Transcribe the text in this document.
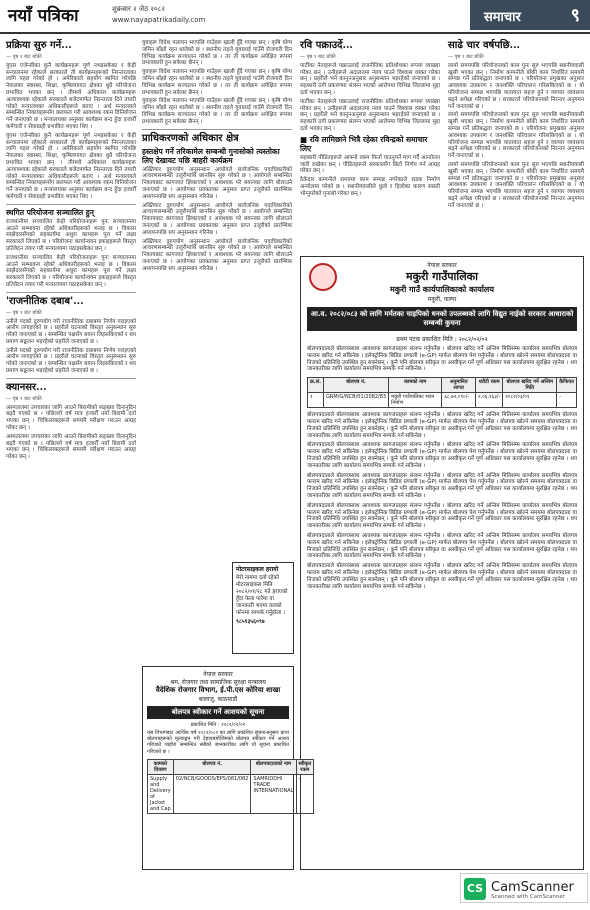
नयाँ पत्रिका	शुक्रबार २ जेठ २०८२
www.nayapatrikadaily.com	समाचार	९
प्रक्रिया सुरु गर्ने...
— पृष्ठ १ बाट बाँकी

युएस एजेन्सीका कुनै कार्यक्रमहरू पूर्ण नभइसकेका र केही सन्चालनमा रहेकाले सरकारले ती कार्यक्रमहरूको निरन्तरताका लागि पहल गरेको हो । अमेरिकाले सहयोग स्थगित गरेपछि नेपालका स्वास्थ्य, शिक्षा, कृषिलगायत क्षेत्रका थुप्रै परियोजना प्रभावित भएका छन् । तीमध्ये अधिकांश कार्यक्रमहरू अत्यावश्यक रहेकाले सरकारले बजेटमार्फत निरन्तरता दिने तयारी गरेको मन्त्रालयका अधिकारीहरूले बताए । अर्थ मन्त्रालयले सम्बन्धित निकायहरूसँग छलफल गरी आवश्यक रकम विनियोजन गर्ने जनाएको छ । मन्त्रालयका अनुसार कार्यक्रम बन्द हुँदा हजारौँ कर्मचारी र सेवाग्राही प्रभावित भएका थिए ।

युएस एजेन्सीका कुनै कार्यक्रमहरू पूर्ण नभइसकेका र केही सन्चालनमा रहेकाले सरकारले ती कार्यक्रमहरूको निरन्तरताका लागि पहल गरेको हो । अमेरिकाले सहयोग स्थगित गरेपछि नेपालका स्वास्थ्य, शिक्षा, कृषिलगायत क्षेत्रका थुप्रै परियोजना प्रभावित भएका छन् । तीमध्ये अधिकांश कार्यक्रमहरू अत्यावश्यक रहेकाले सरकारले बजेटमार्फत निरन्तरता दिने तयारी गरेको मन्त्रालयका अधिकारीहरूले बताए । अर्थ मन्त्रालयले सम्बन्धित निकायहरूसँग छलफल गरी आवश्यक रकम विनियोजन गर्ने जनाएको छ । मन्त्रालयका अनुसार कार्यक्रम बन्द हुँदा हजारौँ कर्मचारी र सेवाग्राही प्रभावित भएका थिए ।

स्थगित परियोजना सञ्चालित हुन्

राजधानीमा सञ्चालित केही परियोजनाहरू पुनः सञ्चालनमा आउने सम्भावना रहेको अधिकारीहरूको भनाइ छ । विकास साझेदारसँगको सहकार्यमा अधुरा कामहरू पूरा गर्ने लक्ष्य सरकारले लिएको छ । परियोजना कार्यान्वयन इकाइहरूले विस्तृत प्रतिवेदन तयार गरी मन्त्रालयमा पठाइसकेका छन् ।

राजधानीमा सञ्चालित केही परियोजनाहरू पुनः सञ्चालनमा आउने सम्भावना रहेको अधिकारीहरूको भनाइ छ । विकास साझेदारसँगको सहकार्यमा अधुरा कामहरू पूरा गर्ने लक्ष्य सरकारले लिएको छ । परियोजना कार्यान्वयन इकाइहरूले विस्तृत प्रतिवेदन तयार गरी मन्त्रालयमा पठाइसकेका छन् ।

'राजनीतिक दबाब'...
— पृष्ठ १ बाट बाँकी

उनीले पदको दुरुपयोग गरी राजनीतिक दबाबमा निर्णय गराइएको आरोप लगाइएको छ । प्रहरीले घटनाको विस्तृत अनुसन्धान सुरु गरेको जनाएको छ । सम्बन्धित पक्षसँग बयान लिइसकिएको र थप प्रमाण सङ्कलन भइरहेको प्रहरीले जनाएको छ ।

उनीले पदको दुरुपयोग गरी राजनीतिक दबाबमा निर्णय गराइएको आरोप लगाइएको छ । प्रहरीले घटनाको विस्तृत अनुसन्धान सुरु गरेको जनाएको छ । सम्बन्धित पक्षसँग बयान लिइसकिएको र थप प्रमाण सङ्कलन भइरहेको प्रहरीले जनाएको छ ।

क्यानसर...
— पृष्ठ १ बाट बाँकी

अस्पतालमा उपचारका लागि आउने बिरामीको सङ्ख्या दिनानुदिन बढ्दै गएको छ । पछिल्लो वर्ष मात्र हजारौँ नयाँ बिरामी दर्ता भएका छन् । चिकित्सकहरूले समयमै परीक्षण गराउन आग्रह गरेका छन् ।

अस्पतालमा उपचारका लागि आउने बिरामीको सङ्ख्या दिनानुदिन बढ्दै गएको छ । पछिल्लो वर्ष मात्र हजारौँ नयाँ बिरामी दर्ता भएका छन् । चिकित्सकहरूले समयमै परीक्षण गराउन आग्रह गरेका छन् ।

युवाहरू विदेश पलायन भएपछि गाउँहरू खाली हुँदै गएका छन् । कृषि योग्य जमिन बाँझो रहन थालेको छ । स्थानीय तहले युवालाई गाउँमै रोजगारी दिन विभिन्न कार्यक्रम सञ्चालन गरेको छ । तर ती कार्यक्रम अपेक्षित रूपमा प्रभावकारी हुन सकेका छैनन् ।

युवाहरू विदेश पलायन भएपछि गाउँहरू खाली हुँदै गएका छन् । कृषि योग्य जमिन बाँझो रहन थालेको छ । स्थानीय तहले युवालाई गाउँमै रोजगारी दिन विभिन्न कार्यक्रम सञ्चालन गरेको छ । तर ती कार्यक्रम अपेक्षित रूपमा प्रभावकारी हुन सकेका छैनन् ।

युवाहरू विदेश पलायन भएपछि गाउँहरू खाली हुँदै गएका छन् । कृषि योग्य जमिन बाँझो रहन थालेको छ । स्थानीय तहले युवालाई गाउँमै रोजगारी दिन विभिन्न कार्यक्रम सञ्चालन गरेको छ । तर ती कार्यक्रम अपेक्षित रूपमा प्रभावकारी हुन सकेका छैनन् ।

प्राधिकरणको अधिकार क्षेत्र
हस्तक्षेप गर्ने तरिकामेल सम्बन्धी गुनासोको त्यस्तोका लिए देखावट पछि बाहरी कार्यक्रम

अख्तियार दुरुपयोग अनुसन्धान आयोगले सार्वजनिक पदाधिकारीको आचरणसम्बन्धी उजुरीमाथि छानबिन सुरु गरेको छ । आयोगले सम्बन्धित निकायबाट कागजात झिकाएको र आवश्यक परे बयानका लागि बोलाउने जनाएको छ । आयोगका प्रवक्ताका अनुसार प्राप्त उजुरीको प्रारम्भिक अध्ययनपछि थप अनुसन्धान गरिनेछ ।

अख्तियार दुरुपयोग अनुसन्धान आयोगले सार्वजनिक पदाधिकारीको आचरणसम्बन्धी उजुरीमाथि छानबिन सुरु गरेको छ । आयोगले सम्बन्धित निकायबाट कागजात झिकाएको र आवश्यक परे बयानका लागि बोलाउने जनाएको छ । आयोगका प्रवक्ताका अनुसार प्राप्त उजुरीको प्रारम्भिक अध्ययनपछि थप अनुसन्धान गरिनेछ ।

अख्तियार दुरुपयोग अनुसन्धान आयोगले सार्वजनिक पदाधिकारीको आचरणसम्बन्धी उजुरीमाथि छानबिन सुरु गरेको छ । आयोगले सम्बन्धित निकायबाट कागजात झिकाएको र आवश्यक परे बयानका लागि बोलाउने जनाएको छ । आयोगका प्रवक्ताका अनुसार प्राप्त उजुरीको प्रारम्भिक अध्ययनपछि थप अनुसन्धान गरिनेछ ।

मोटरसाइकल हरायो
मेरो नाममा दर्ता रहेको मोटरसाइकल मिति २०८२/०१/२८ गते हराएको हुँदा फेला पारेमा वा जानकारी भएमा तलको फोनमा सम्पर्क गर्नुहोला ।
९८५१३५६०९७
रवि पक्राउर्दे...
— पृष्ठ १ बाट बाँकी

पार्टीका नेताहरूले पक्राउलाई राजनीतिक प्रतिशोधका रूपमा व्याख्या गरेका छन् । उनीहरूले अदालतमा न्याय पाउने विश्वास व्यक्त गरेका छन् । प्रहरीले भने कानुनअनुसार अनुसन्धान भइरहेको जनाएको छ । सहकारी ठगी प्रकरणमा संलग्न भएको आरोपमा विभिन्न जिल्लामा मुद्दा दर्ता भएका छन् ।

पार्टीका नेताहरूले पक्राउलाई राजनीतिक प्रतिशोधका रूपमा व्याख्या गरेका छन् । उनीहरूले अदालतमा न्याय पाउने विश्वास व्यक्त गरेका छन् । प्रहरीले भने कानुनअनुसार अनुसन्धान भइरहेको जनाएको छ । सहकारी ठगी प्रकरणमा संलग्न भएको आरोपमा विभिन्न जिल्लामा मुद्दा दर्ता भएका छन् ।

■ रवि लामिछाने भित्रै रहेका रविन्द्रको समाचार लिए

सहकारी पीडितहरूले आफ्नो रकम फिर्ता पाउनुपर्ने माग गर्दै आन्दोलन जारी राखेका छन् । पीडितहरूले सरकारसँग छिटो निर्णय गर्न आग्रह गरेका छन् ।

ठेकेदार कम्पनीले समयमा काम सम्पन्न नगरेकाले सडक निर्माण अन्योलमा परेको छ । स्थानीयवासीले धुलो र हिलोका कारण सास्ती भोग्नुपरेको गुनासो गरेका छन् ।

साढे चार वर्षपछि...
— पृष्ठ १ बाट बाँकी

लामो समयपछि परियोजनाको काम पुनः सुरु भएपछि स्थानीयवासी खुसी भएका छन् । निर्माण कम्पनीले बाँकी काम निर्धारित समयमै सम्पन्न गर्ने प्रतिबद्धता जनाएको छ । परियोजना प्रमुखका अनुसार आवश्यक उपकरण र जनशक्ति परिचालन गरिसकिएको छ । यो परियोजना सम्पन्न भएपछि यातायात सहज हुने र व्यापार व्यवसाय बढ्ने अपेक्षा गरिएको छ । सरकारले परियोजनाको निरन्तर अनुगमन गर्ने जनाएको छ ।

लामो समयपछि परियोजनाको काम पुनः सुरु भएपछि स्थानीयवासी खुसी भएका छन् । निर्माण कम्पनीले बाँकी काम निर्धारित समयमै सम्पन्न गर्ने प्रतिबद्धता जनाएको छ । परियोजना प्रमुखका अनुसार आवश्यक उपकरण र जनशक्ति परिचालन गरिसकिएको छ । यो परियोजना सम्पन्न भएपछि यातायात सहज हुने र व्यापार व्यवसाय बढ्ने अपेक्षा गरिएको छ । सरकारले परियोजनाको निरन्तर अनुगमन गर्ने जनाएको छ ।

लामो समयपछि परियोजनाको काम पुनः सुरु भएपछि स्थानीयवासी खुसी भएका छन् । निर्माण कम्पनीले बाँकी काम निर्धारित समयमै सम्पन्न गर्ने प्रतिबद्धता जनाएको छ । परियोजना प्रमुखका अनुसार आवश्यक उपकरण र जनशक्ति परिचालन गरिसकिएको छ । यो परियोजना सम्पन्न भएपछि यातायात सहज हुने र व्यापार व्यवसाय बढ्ने अपेक्षा गरिएको छ । सरकारले परियोजनाको निरन्तर अनुगमन गर्ने जनाएको छ ।

नेपाल सरकार
मकुरी गाउँपालिका
मकुरी गाउँ कार्यपालिकाको कार्यालय
मकुरी, पाल्पा
आ.व. २०८२/०८३ को लागि मर्मतका चाइपिको धनको उपलब्धको लागि विद्युत नाईको सरकार आधाराको सम्बन्धी कुचना
प्रथम पटक प्रकाशित मिति : २०८२/०२/०२
बोलपत्रदाताले बोलपत्रसाथ आवश्यक कागजातहरू संलग्न गर्नुपर्नेछ । बोलपत्र खरिद गर्ने अन्तिम मितिसम्म कार्यालय समयभित्र बोलपत्र फाराम खरिद गर्न सकिनेछ । इलेक्ट्रोनिक बिडिङ प्रणाली (e-GP) मार्फत बोलपत्र पेश गर्नुपर्नेछ । बोलपत्र खोल्ने समयमा बोलपत्रदाता वा निजको प्रतिनिधि उपस्थित हुन सक्नेछन् । कुनै पनि बोलपत्र स्वीकृत वा अस्वीकृत गर्ने पूर्ण अधिकार यस कार्यालयमा सुरक्षित रहनेछ । थप जानकारीका लागि कार्यालय समयभित्र सम्पर्क गर्न सकिनेछ ।
क्र.सं.	बोलपत्र नं.	कामको नाम	अनुमानित लागत	धरौटी रकम	बोलपत्र खरिद गर्ने अन्तिम मिति	कैफियत
१	GRM/G/NCB/01/2082/83	मकुरी गाउँपालिका भवन निर्माण	६८,७२,०९०/-	२,०६,१६३/-	२०८२/०३/०१	-

बोलपत्रदाताले बोलपत्रसाथ आवश्यक कागजातहरू संलग्न गर्नुपर्नेछ । बोलपत्र खरिद गर्ने अन्तिम मितिसम्म कार्यालय समयभित्र बोलपत्र फाराम खरिद गर्न सकिनेछ । इलेक्ट्रोनिक बिडिङ प्रणाली (e-GP) मार्फत बोलपत्र पेश गर्नुपर्नेछ । बोलपत्र खोल्ने समयमा बोलपत्रदाता वा निजको प्रतिनिधि उपस्थित हुन सक्नेछन् । कुनै पनि बोलपत्र स्वीकृत वा अस्वीकृत गर्ने पूर्ण अधिकार यस कार्यालयमा सुरक्षित रहनेछ । थप जानकारीका लागि कार्यालय समयभित्र सम्पर्क गर्न सकिनेछ ।

बोलपत्रदाताले बोलपत्रसाथ आवश्यक कागजातहरू संलग्न गर्नुपर्नेछ । बोलपत्र खरिद गर्ने अन्तिम मितिसम्म कार्यालय समयभित्र बोलपत्र फाराम खरिद गर्न सकिनेछ । इलेक्ट्रोनिक बिडिङ प्रणाली (e-GP) मार्फत बोलपत्र पेश गर्नुपर्नेछ । बोलपत्र खोल्ने समयमा बोलपत्रदाता वा निजको प्रतिनिधि उपस्थित हुन सक्नेछन् । कुनै पनि बोलपत्र स्वीकृत वा अस्वीकृत गर्ने पूर्ण अधिकार यस कार्यालयमा सुरक्षित रहनेछ । थप जानकारीका लागि कार्यालय समयभित्र सम्पर्क गर्न सकिनेछ ।

बोलपत्रदाताले बोलपत्रसाथ आवश्यक कागजातहरू संलग्न गर्नुपर्नेछ । बोलपत्र खरिद गर्ने अन्तिम मितिसम्म कार्यालय समयभित्र बोलपत्र फाराम खरिद गर्न सकिनेछ । इलेक्ट्रोनिक बिडिङ प्रणाली (e-GP) मार्फत बोलपत्र पेश गर्नुपर्नेछ । बोलपत्र खोल्ने समयमा बोलपत्रदाता वा निजको प्रतिनिधि उपस्थित हुन सक्नेछन् । कुनै पनि बोलपत्र स्वीकृत वा अस्वीकृत गर्ने पूर्ण अधिकार यस कार्यालयमा सुरक्षित रहनेछ । थप जानकारीका लागि कार्यालय समयभित्र सम्पर्क गर्न सकिनेछ ।

बोलपत्रदाताले बोलपत्रसाथ आवश्यक कागजातहरू संलग्न गर्नुपर्नेछ । बोलपत्र खरिद गर्ने अन्तिम मितिसम्म कार्यालय समयभित्र बोलपत्र फाराम खरिद गर्न सकिनेछ । इलेक्ट्रोनिक बिडिङ प्रणाली (e-GP) मार्फत बोलपत्र पेश गर्नुपर्नेछ । बोलपत्र खोल्ने समयमा बोलपत्रदाता वा निजको प्रतिनिधि उपस्थित हुन सक्नेछन् । कुनै पनि बोलपत्र स्वीकृत वा अस्वीकृत गर्ने पूर्ण अधिकार यस कार्यालयमा सुरक्षित रहनेछ । थप जानकारीका लागि कार्यालय समयभित्र सम्पर्क गर्न सकिनेछ ।

बोलपत्रदाताले बोलपत्रसाथ आवश्यक कागजातहरू संलग्न गर्नुपर्नेछ । बोलपत्र खरिद गर्ने अन्तिम मितिसम्म कार्यालय समयभित्र बोलपत्र फाराम खरिद गर्न सकिनेछ । इलेक्ट्रोनिक बिडिङ प्रणाली (e-GP) मार्फत बोलपत्र पेश गर्नुपर्नेछ । बोलपत्र खोल्ने समयमा बोलपत्रदाता वा निजको प्रतिनिधि उपस्थित हुन सक्नेछन् । कुनै पनि बोलपत्र स्वीकृत वा अस्वीकृत गर्ने पूर्ण अधिकार यस कार्यालयमा सुरक्षित रहनेछ । थप जानकारीका लागि कार्यालय समयभित्र सम्पर्क गर्न सकिनेछ ।

बोलपत्रदाताले बोलपत्रसाथ आवश्यक कागजातहरू संलग्न गर्नुपर्नेछ । बोलपत्र खरिद गर्ने अन्तिम मितिसम्म कार्यालय समयभित्र बोलपत्र फाराम खरिद गर्न सकिनेछ । इलेक्ट्रोनिक बिडिङ प्रणाली (e-GP) मार्फत बोलपत्र पेश गर्नुपर्नेछ । बोलपत्र खोल्ने समयमा बोलपत्रदाता वा निजको प्रतिनिधि उपस्थित हुन सक्नेछन् । कुनै पनि बोलपत्र स्वीकृत वा अस्वीकृत गर्ने पूर्ण अधिकार यस कार्यालयमा सुरक्षित रहनेछ । थप जानकारीका लागि कार्यालय समयभित्र सम्पर्क गर्न सकिनेछ ।

नेपाल सरकार
श्रम, रोजगार तथा सामाजिक सुरक्षा मन्त्रालय
वैदेशिक रोजगार विभाग, ई.पी.एस कोरिया शाखा
बालाजु, काठमाडौं
बोलपत्र स्वीकार गर्ने आशयको सूचना
प्रकाशित मिति : २०८२/०२/०२
यस विभागबाट आर्थिक वर्ष २०८१/०८२ का लागि प्रकाशित सूचनाअनुसार प्राप्त बोलपत्रहरूको मूल्याङ्कन गरी देहायबमोजिमको बोलपत्र स्वीकार गर्ने आशय गरिएको व्यहोरा सम्बन्धित सबैको जानकारीका लागि यो सूचना प्रकाशित गरिएको छ ।
कामको विवरण	बोलपत्र नं.	बोलपत्रदाताको नाम	स्वीकृत रकम
Supply and Delivery of Jacket and Cap	02/NCB/GOODS/EPS/081/082	SAMRIDDHI TRADE INTERNATIONAL	-
CS CamScanner
Scanned with CamScanner
